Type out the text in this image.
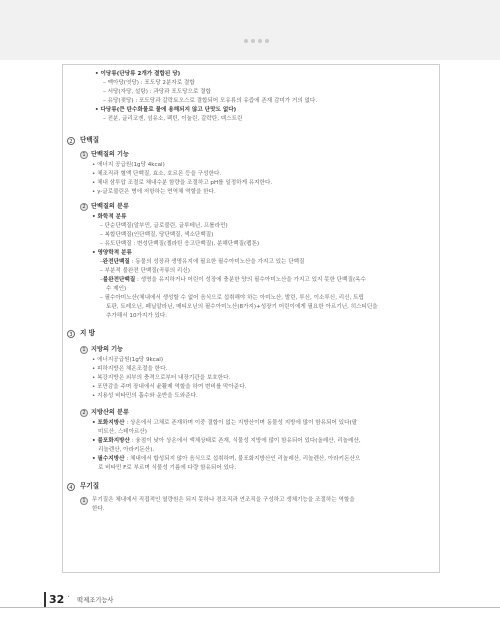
• 이당류(단당류 2개가 결합된 당)
– 맥아당(엿당) : 포도당 2분자로 결합
– 서당(자당, 설탕) : 과당과 포도당으로 결합
– 유당(젖당) : 포도당과 갈락토오스로 결합되어 모유류의 유즙에 존재 감미가 거의 없다.
• 다당류(큰 탄수화물로 물에 용해되지 않고 단맛도 없다)
– 전분, 글리코겐, 섬유소, 펙틴, 이눌린, 갈락탄, 덱스트린
2	단백질
1 단백질의 기능
• 에너지 공급원(1g당 4kcal)
• 체조직과 혈액 단백질, 효소, 호르몬 등을 구성한다.
• 체내 삼투압 조절로 체내수분 함량을 조절하고 pH를 일정하게 유지한다.
• γ-글로불린은 병에 저항하는 면역체 역할을 한다.
2 단백질의 분류
• 화학적 분류
– 단순단백질(알부민, 글로불린, 글루테닌, 프롤라민)
– 복합단백질(인단백질, 당단백질, 색소단백질)
– 유도단백질 : 변성단백질(젤라틴 응고단백질), 분해단백질(펩톤)
• 영양학적 분류
–완전단백질 : 동물의 성장과 생명유지에 필요한 필수아미노산을 가지고 있는 단백질
– 부분적 불완전 단백질(곡류의 리신)
–불완전단백질 : 생명을 유지하거나 어린이 성장에 충분한 양의 필수아미노산을 가지고 있지 못한 단백질(옥수
수 제인)
– 필수아미노산(체내에서 생성할 수 없어 음식으로 섭취해야 하는 아미노산, 발린, 루신, 이소루신, 리신, 트립
토판, 트레오닌, 페닐알라닌, 메티오닌의 필수아미노산(8가지)+성장기 어린이에게 필요한 아르기닌, 히스티딘을
추가해서 10가지가 있다.
3	지 방
1 지방의 기능
• 에너지공급원(1g당 9kcal)
• 피하지방은 체온조절을 한다.
• 복강지방은 외부의 충격으로부터 내장기관을 보호한다.
• 포만감을 주며 장내에서 윤활제 역할을 하여 변비를 막아준다.
• 지용성 비타민의 흡수와 운반을 도와준다.
2 지방산의 분류
• 포화지방산 : 상온에서 고체로 존재하며 이중 결합이 없는 지방산이며 동물성 지방에 많이 함유되어 있다(팔
미트산, 스테아르산)
• 불포화지방산 : 융점이 낮아 상온에서 액체상태로 존재, 식물성 지방에 많이 함유되어 있다(올레산, 리놀레산,
리놀렌산, 아라키돈산).
• 필수지방산 : 체내에서 합성되지 않아 음식으로 섭취하며, 불포화지방산인 리놀레산, 리놀렌산, 아라키돈산으
로 비타민 F로 부르며 식물성 기름에 다량 함유되어 있다.
4	무기질
1	무기질은 체내에서 직접적인 열량원은 되지 못하나 경조직과 연조직을 구성하고 생체기능을 조절하는 역할을
한다.
32 · 떡제조기능사
